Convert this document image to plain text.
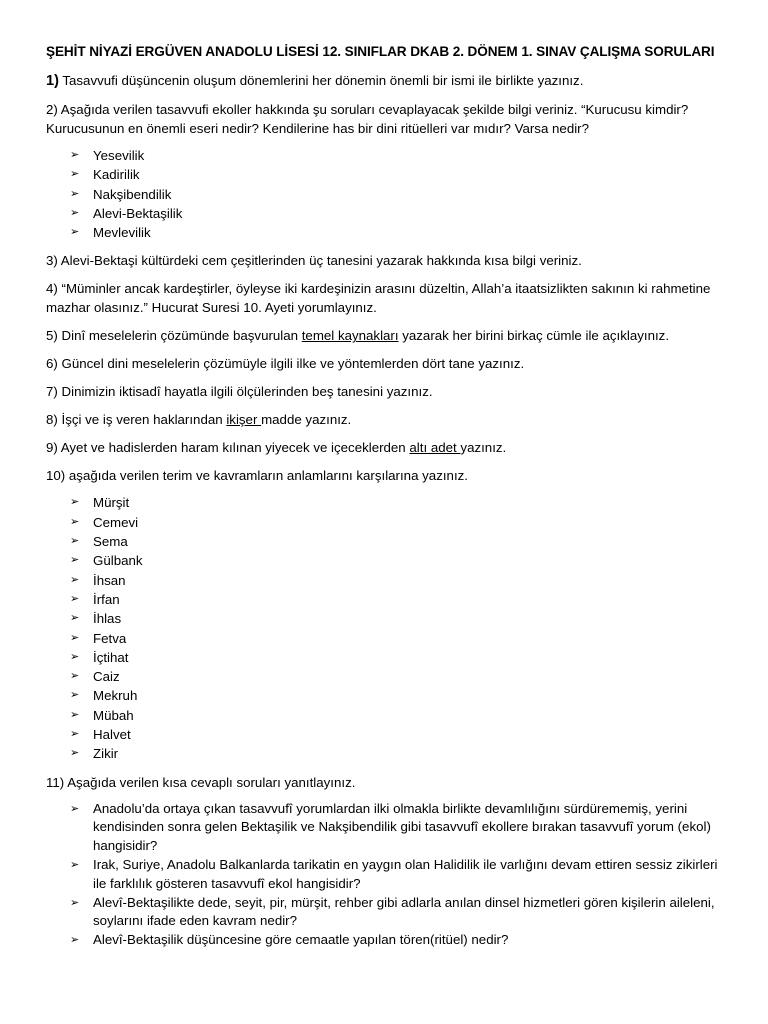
ŞEHİT NİYAZİ ERGÜVEN ANADOLU LİSESİ 12. SINIFLAR DKAB 2. DÖNEM 1. SINAV ÇALIŞMA SORULARI

1) Tasavvufi düşüncenin oluşum dönemlerini her dönemin önemli bir ismi ile birlikte yazınız.

2) Aşağıda verilen tasavvufi ekoller hakkında şu soruları cevaplayacak şekilde bilgi veriniz. “Kurucusu kimdir? Kurucusunun en önemli eseri nedir? Kendilerine has bir dini ritüelleri var mıdır? Varsa nedir?

➢ Yesevilik
➢ Kadirilik
➢ Nakşibendilik
➢ Alevi-Bektaşilik
➢ Mevlevilik

3) Alevi-Bektaşi kültürdeki cem çeşitlerinden üç tanesini yazarak hakkında kısa bilgi veriniz.

4) “Müminler ancak kardeştirler, öyleyse iki kardeşinizin arasını düzeltin, Allah’a itaatsizlikten sakının ki rahmetine mazhar olasınız.” Hucurat Suresi 10. Ayeti yorumlayınız.

5) Dinî meselelerin çözümünde başvurulan temel kaynakları yazarak her birini birkaç cümle ile açıklayınız.

6) Güncel dini meselelerin çözümüyle ilgili ilke ve yöntemlerden dört tane yazınız.

7) Dinimizin iktisadî hayatla ilgili ölçülerinden beş tanesini yazınız.

8) İşçi ve iş veren haklarından ikişer madde yazınız.

9) Ayet ve hadislerden haram kılınan yiyecek ve içeceklerden altı adet yazınız.

10) aşağıda verilen terim ve kavramların anlamlarını karşılarına yazınız.

➢ Mürşit
➢ Cemevi
➢ Sema
➢ Gülbank
➢ İhsan
➢ İrfan
➢ İhlas
➢ Fetva
➢ İçtihat
➢ Caiz
➢ Mekruh
➢ Mübah
➢ Halvet
➢ Zikir

11) Aşağıda verilen kısa cevaplı soruları yanıtlayınız.

➢ Anadolu’da ortaya çıkan tasavvufî yorumlardan ilki olmakla birlikte devamlılığını sürdürememiş, yerini kendisinden sonra gelen Bektaşilik ve Nakşibendilik gibi tasavvufî ekollere bırakan tasavvufî yorum (ekol) hangisidir?
➢ Irak, Suriye, Anadolu Balkanlarda tarikatin en yaygın olan Halidilik ile varlığını devam ettiren sessiz zikirleri ile farklılık gösteren tasavvufî ekol hangisidir?
➢ Alevî-Bektaşilikte dede, seyit, pir, mürşit, rehber gibi adlarla anılan dinsel hizmetleri gören kişilerin aileleni, soylarını ifade eden kavram nedir?
➢ Alevî-Bektaşilik düşüncesine göre cemaatle yapılan tören(ritüel) nedir?
